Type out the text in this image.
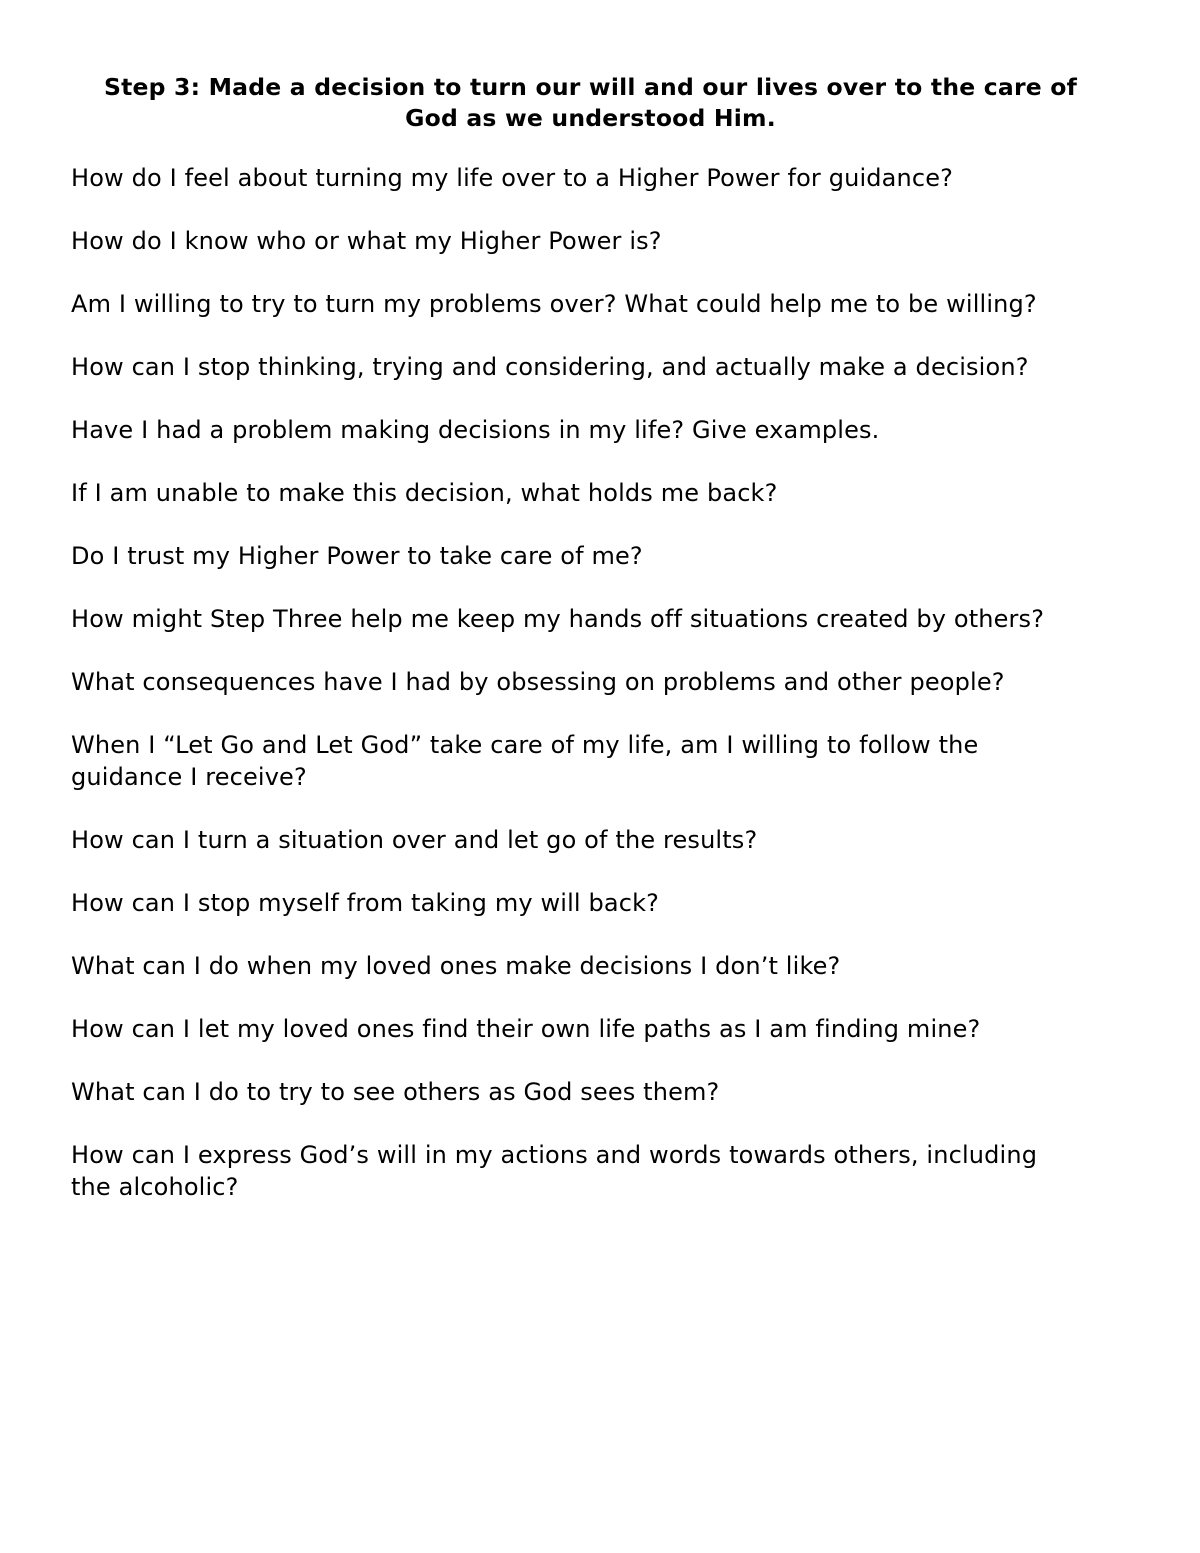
Step 3: Made a decision to turn our will and our lives over to the care of
God as we understood Him.
How do I feel about turning my life over to a Higher Power for guidance?
How do I know who or what my Higher Power is?
Am I willing to try to turn my problems over? What could help me to be willing?
How can I stop thinking, trying and considering, and actually make a decision?
Have I had a problem making decisions in my life? Give examples.
If I am unable to make this decision, what holds me back?
Do I trust my Higher Power to take care of me?
How might Step Three help me keep my hands off situations created by others?
What consequences have I had by obsessing on problems and other people?
When I “Let Go and Let God” take care of my life, am I willing to follow the
guidance I receive?
How can I turn a situation over and let go of the results?
How can I stop myself from taking my will back?
What can I do when my loved ones make decisions I don’t like?
How can I let my loved ones find their own life paths as I am finding mine?
What can I do to try to see others as God sees them?
How can I express God’s will in my actions and words towards others, including
the alcoholic?
